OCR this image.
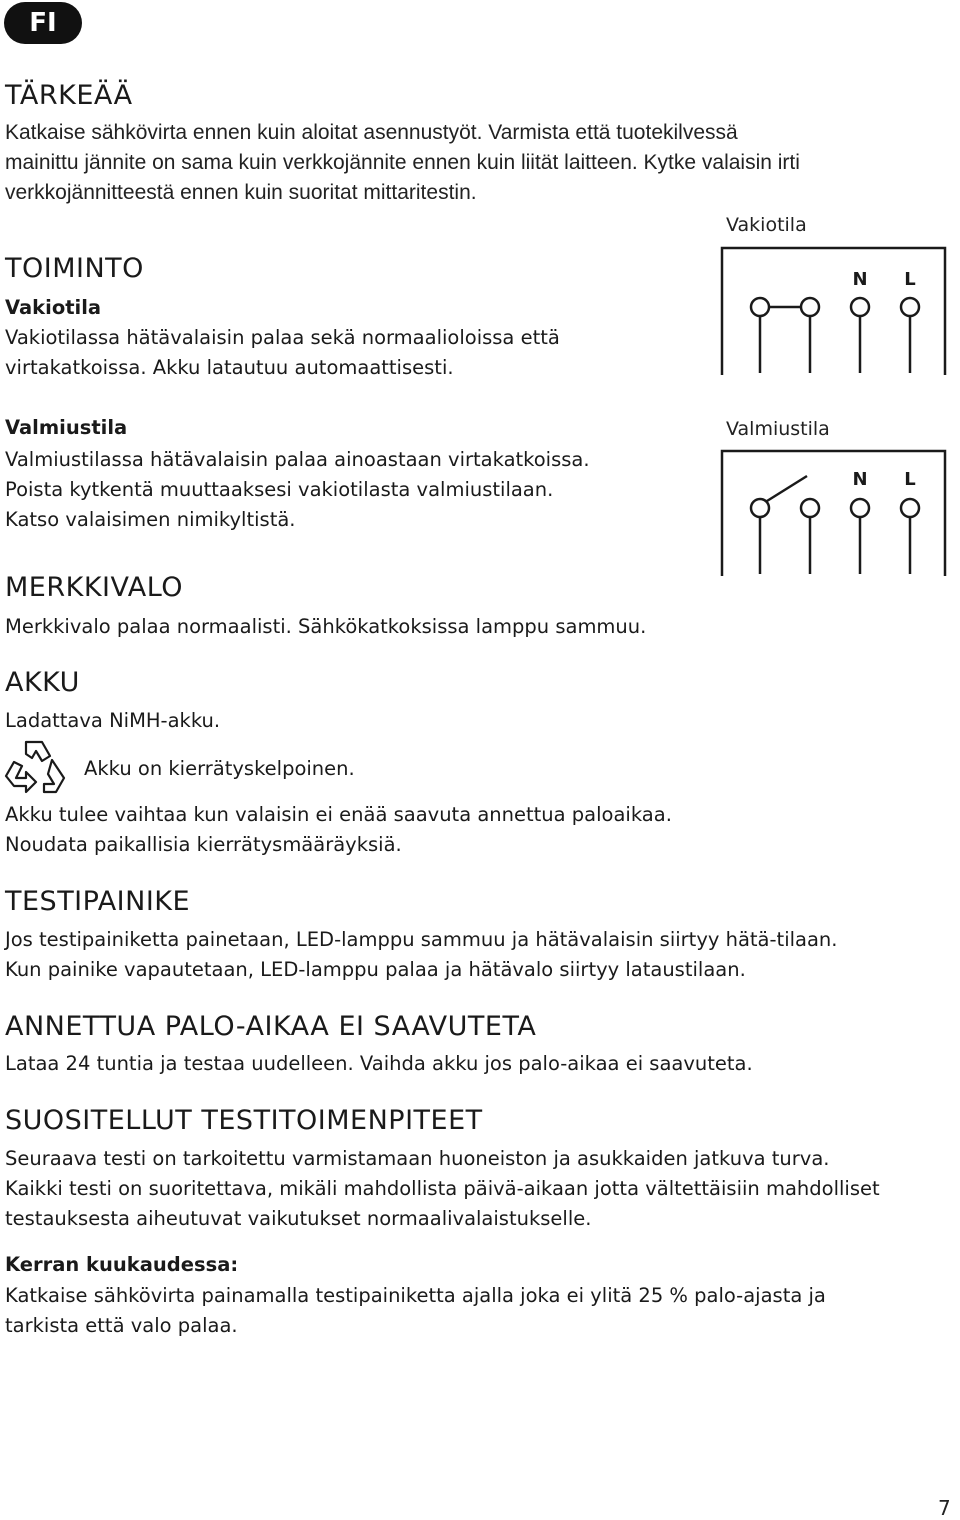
FI
TÄRKEÄÄ
Katkaise sähkövirta ennen kuin aloitat asennustyöt. Varmista että tuotekilvessä
mainittu jännite on sama kuin verkkojännite ennen kuin liität laitteen. Kytke valaisin irti
verkkojännitteestä ennen kuin suoritat mittaritestin.
TOIMINTO
Vakiotila
Vakiotilassa hätävalaisin palaa sekä normaalioloissa että
virtakatkoissa. Akku latautuu automaattisesti.
Valmiustila
Valmiustilassa hätävalaisin palaa ainoastaan virtakatkoissa.
Poista kytkentä muuttaaksesi vakiotilasta valmiustilaan.
Katso valaisimen nimikyltistä.
Vakiotila
N L
Valmiustila
N L
MERKKIVALO
Merkkivalo palaa normaalisti. Sähkökatkoksissa lamppu sammuu.
AKKU
Ladattava NiMH-akku.
Akku on kierrätyskelpoinen.
Akku tulee vaihtaa kun valaisin ei enää saavuta annettua paloaikaa.
Noudata paikallisia kierrätysmääräyksiä.
TESTIPAINIKE
Jos testipainiketta painetaan, LED-lamppu sammuu ja hätävalaisin siirtyy hätä-tilaan.
Kun painike vapautetaan, LED-lamppu palaa ja hätävalo siirtyy lataustilaan.
ANNETTUA PALO-AIKAA EI SAAVUTETA
Lataa 24 tuntia ja testaa uudelleen. Vaihda akku jos palo-aikaa ei saavuteta.
SUOSITELLUT TESTITOIMENPITEET
Seuraava testi on tarkoitettu varmistamaan huoneiston ja asukkaiden jatkuva turva.
Kaikki testi on suoritettava, mikäli mahdollista päivä-aikaan jotta vältettäisiin mahdolliset
testauksesta aiheutuvat vaikutukset normaalivalaistukselle.
Kerran kuukaudessa:
Katkaise sähkövirta painamalla testipainiketta ajalla joka ei ylitä 25 % palo-ajasta ja
tarkista että valo palaa.
7
